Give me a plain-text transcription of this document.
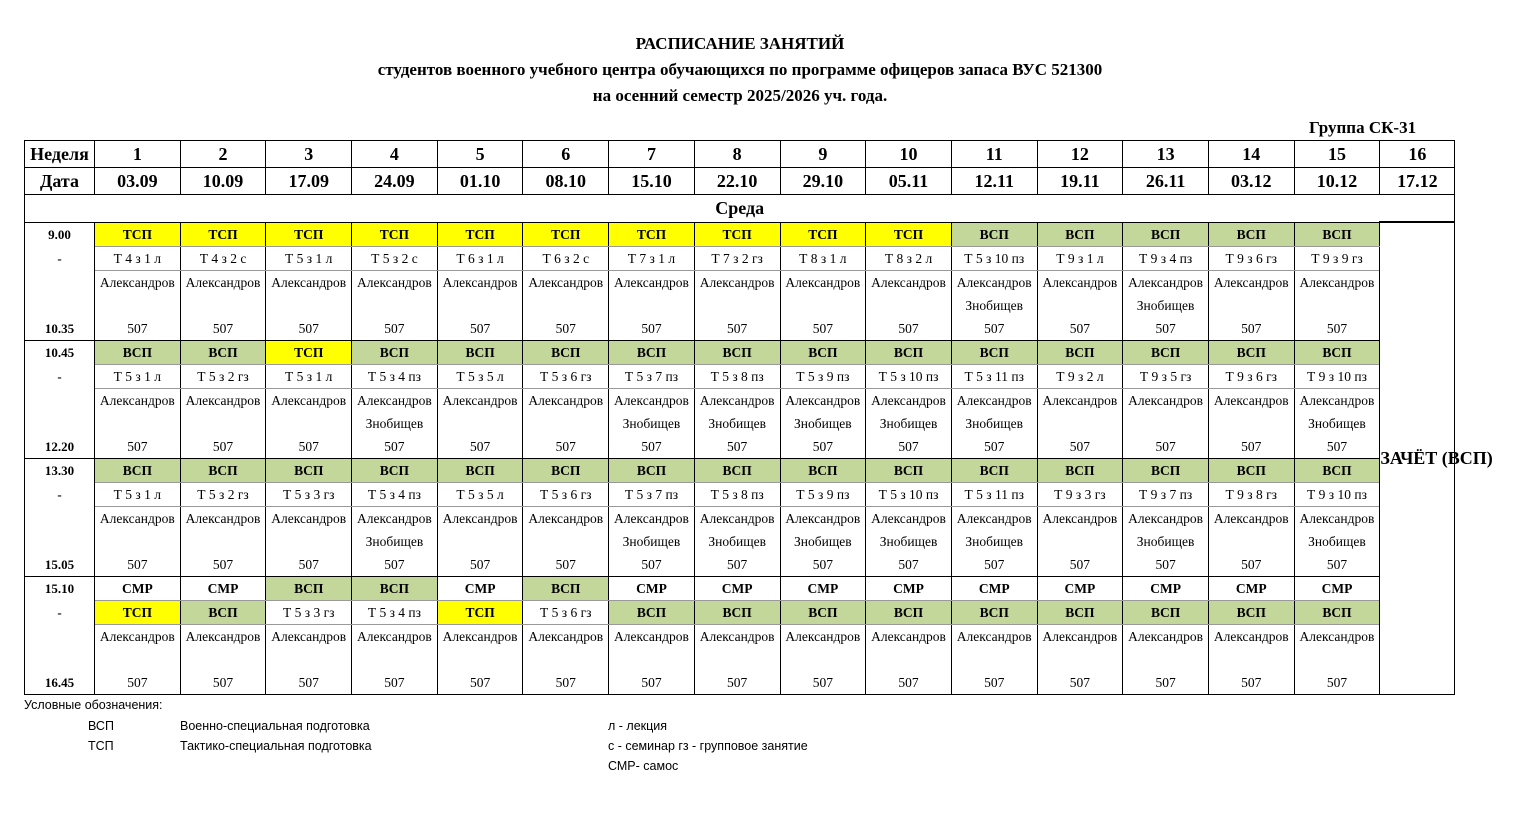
РАСПИСАНИЕ ЗАНЯТИЙ
студентов военного учебного центра обучающихся по программе офицеров запаса ВУС 521300
на осенний семестр 2025/2026 уч. года.
Группа СК-31
Неделя	1	2	3	4	5	6	7	8	9	10	11	12	13	14	15	16
Дата	03.09	10.09	17.09	24.09	01.10	08.10	15.10	22.10	29.10	05.11	12.11	19.11	26.11	03.12	10.12	17.12
Среда																
9.00	ТСП	ТСП	ТСП	ТСП	ТСП	ТСП	ТСП	ТСП	ТСП	ТСП	ВСП	ВСП	ВСП	ВСП	ВСП	ЗАЧЁТ (ВСП)
-	Т 4 з 1 л	Т 4 з 2 с	Т 5 з 1 л	Т 5 з 2 с	Т 6 з 1 л	Т 6 з 2 с	Т 7 з 1 л	Т 7 з 2 гз	Т 8 з 1 л	Т 8 з 2 л	Т 5 з 10 пз	Т 9 з 1 л	Т 9 з 4 пз	Т 9 з 6 гз	Т 9 з 9 гз	
	Александров	Александров	Александров	Александров	Александров	Александров	Александров	Александров	Александров	Александров	Александров	Александров	Александров	Александров	Александров	
											Знобищев		Знобищев			
10.35	507	507	507	507	507	507	507	507	507	507	507	507	507	507	507	
10.45	ВСП	ВСП	ТСП	ВСП	ВСП	ВСП	ВСП	ВСП	ВСП	ВСП	ВСП	ВСП	ВСП	ВСП	ВСП	
-	Т 5 з 1 л	Т 5 з 2 гз	Т 5 з 1 л	Т 5 з 4 пз	Т 5 з 5 л	Т 5 з 6 гз	Т 5 з 7 пз	Т 5 з 8 пз	Т 5 з 9 пз	Т 5 з 10 пз	Т 5 з 11 пз	Т 9 з 2 л	Т 9 з 5 гз	Т 9 з 6 гз	Т 9 з 10 пз	
	Александров	Александров	Александров	Александров	Александров	Александров	Александров	Александров	Александров	Александров	Александров	Александров	Александров	Александров	Александров	
				Знобищев			Знобищев	Знобищев	Знобищев	Знобищев	Знобищев				Знобищев	
12.20	507	507	507	507	507	507	507	507	507	507	507	507	507	507	507	
13.30	ВСП	ВСП	ВСП	ВСП	ВСП	ВСП	ВСП	ВСП	ВСП	ВСП	ВСП	ВСП	ВСП	ВСП	ВСП	
-	Т 5 з 1 л	Т 5 з 2 гз	Т 5 з 3 гз	Т 5 з 4 пз	Т 5 з 5 л	Т 5 з 6 гз	Т 5 з 7 пз	Т 5 з 8 пз	Т 5 з 9 пз	Т 5 з 10 пз	Т 5 з 11 пз	Т 9 з 3 гз	Т 9 з 7 пз	Т 9 з 8 гз	Т 9 з 10 пз	
	Александров	Александров	Александров	Александров	Александров	Александров	Александров	Александров	Александров	Александров	Александров	Александров	Александров	Александров	Александров	
				Знобищев			Знобищев	Знобищев	Знобищев	Знобищев	Знобищев		Знобищев		Знобищев	
15.05	507	507	507	507	507	507	507	507	507	507	507	507	507	507	507	
15.10	СМР	СМР	ВСП	ВСП	СМР	ВСП	СМР	СМР	СМР	СМР	СМР	СМР	СМР	СМР	СМР	
-	ТСП	ВСП	Т 5 з 3 гз	Т 5 з 4 пз	ТСП	Т 5 з 6 гз	ВСП	ВСП	ВСП	ВСП	ВСП	ВСП	ВСП	ВСП	ВСП	
	Александров	Александров	Александров	Александров	Александров	Александров	Александров	Александров	Александров	Александров	Александров	Александров	Александров	Александров	Александров	

16.45	507	507	507	507	507	507	507	507	507	507	507	507	507	507	507	
Условные обозначения:
ВСП	Военно-специальная подготовка
ТСП	Тактико-специальная подготовка
л - лекция
с - семинар гз - групповое занятие
СМР- самос
